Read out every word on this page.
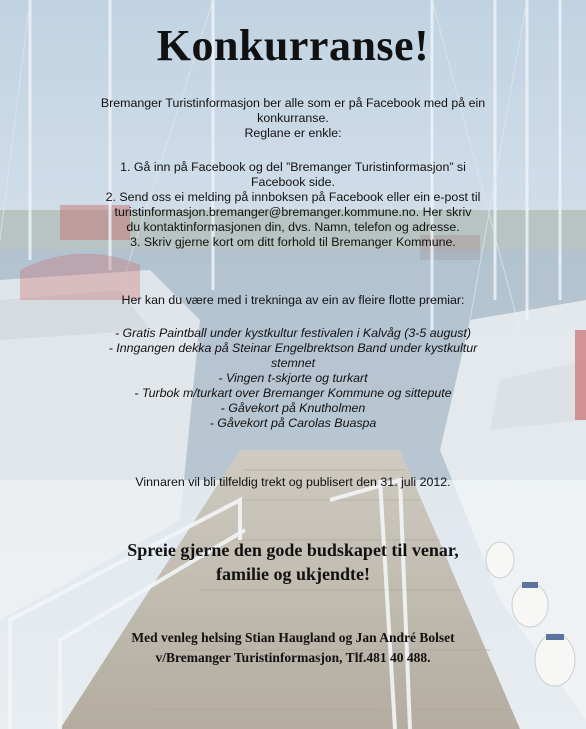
Konkurranse!
Bremanger Turistinformasjon ber alle som er på Facebook med på ein
konkurranse.
Reglane er enkle:
1. Gå inn på Facebook og del ”Bremanger Turistinformasjon” si
Facebook side.
2. Send oss ei melding på innboksen på Facebook eller ein e-post til
turistinformasjon.bremanger@bremanger.kommune.no. Her skriv
du kontaktinformasjonen din, dvs. Namn, telefon og adresse.
3. Skriv gjerne kort om ditt forhold til Bremanger Kommune.
Her kan du være med i trekninga av ein av fleire flotte premiar:
- Gratis Paintball under kystkultur festivalen i Kalvåg (3-5 august)
- Inngangen dekka på Steinar Engelbrektson Band under kystkultur
stemnet
- Vingen t-skjorte og turkart
- Turbok m/turkart over Bremanger Kommune og sittepute
- Gåvekort på Knutholmen
- Gåvekort på Carolas Buaspa
Vinnaren vil bli tilfeldig trekt og publisert den 31. juli 2012.
Spreie gjerne den gode budskapet til venar,
familie og ukjendte!
Med venleg helsing Stian Haugland og Jan André Bolset
v/Bremanger Turistinformasjon, Tlf.481 40 488.
